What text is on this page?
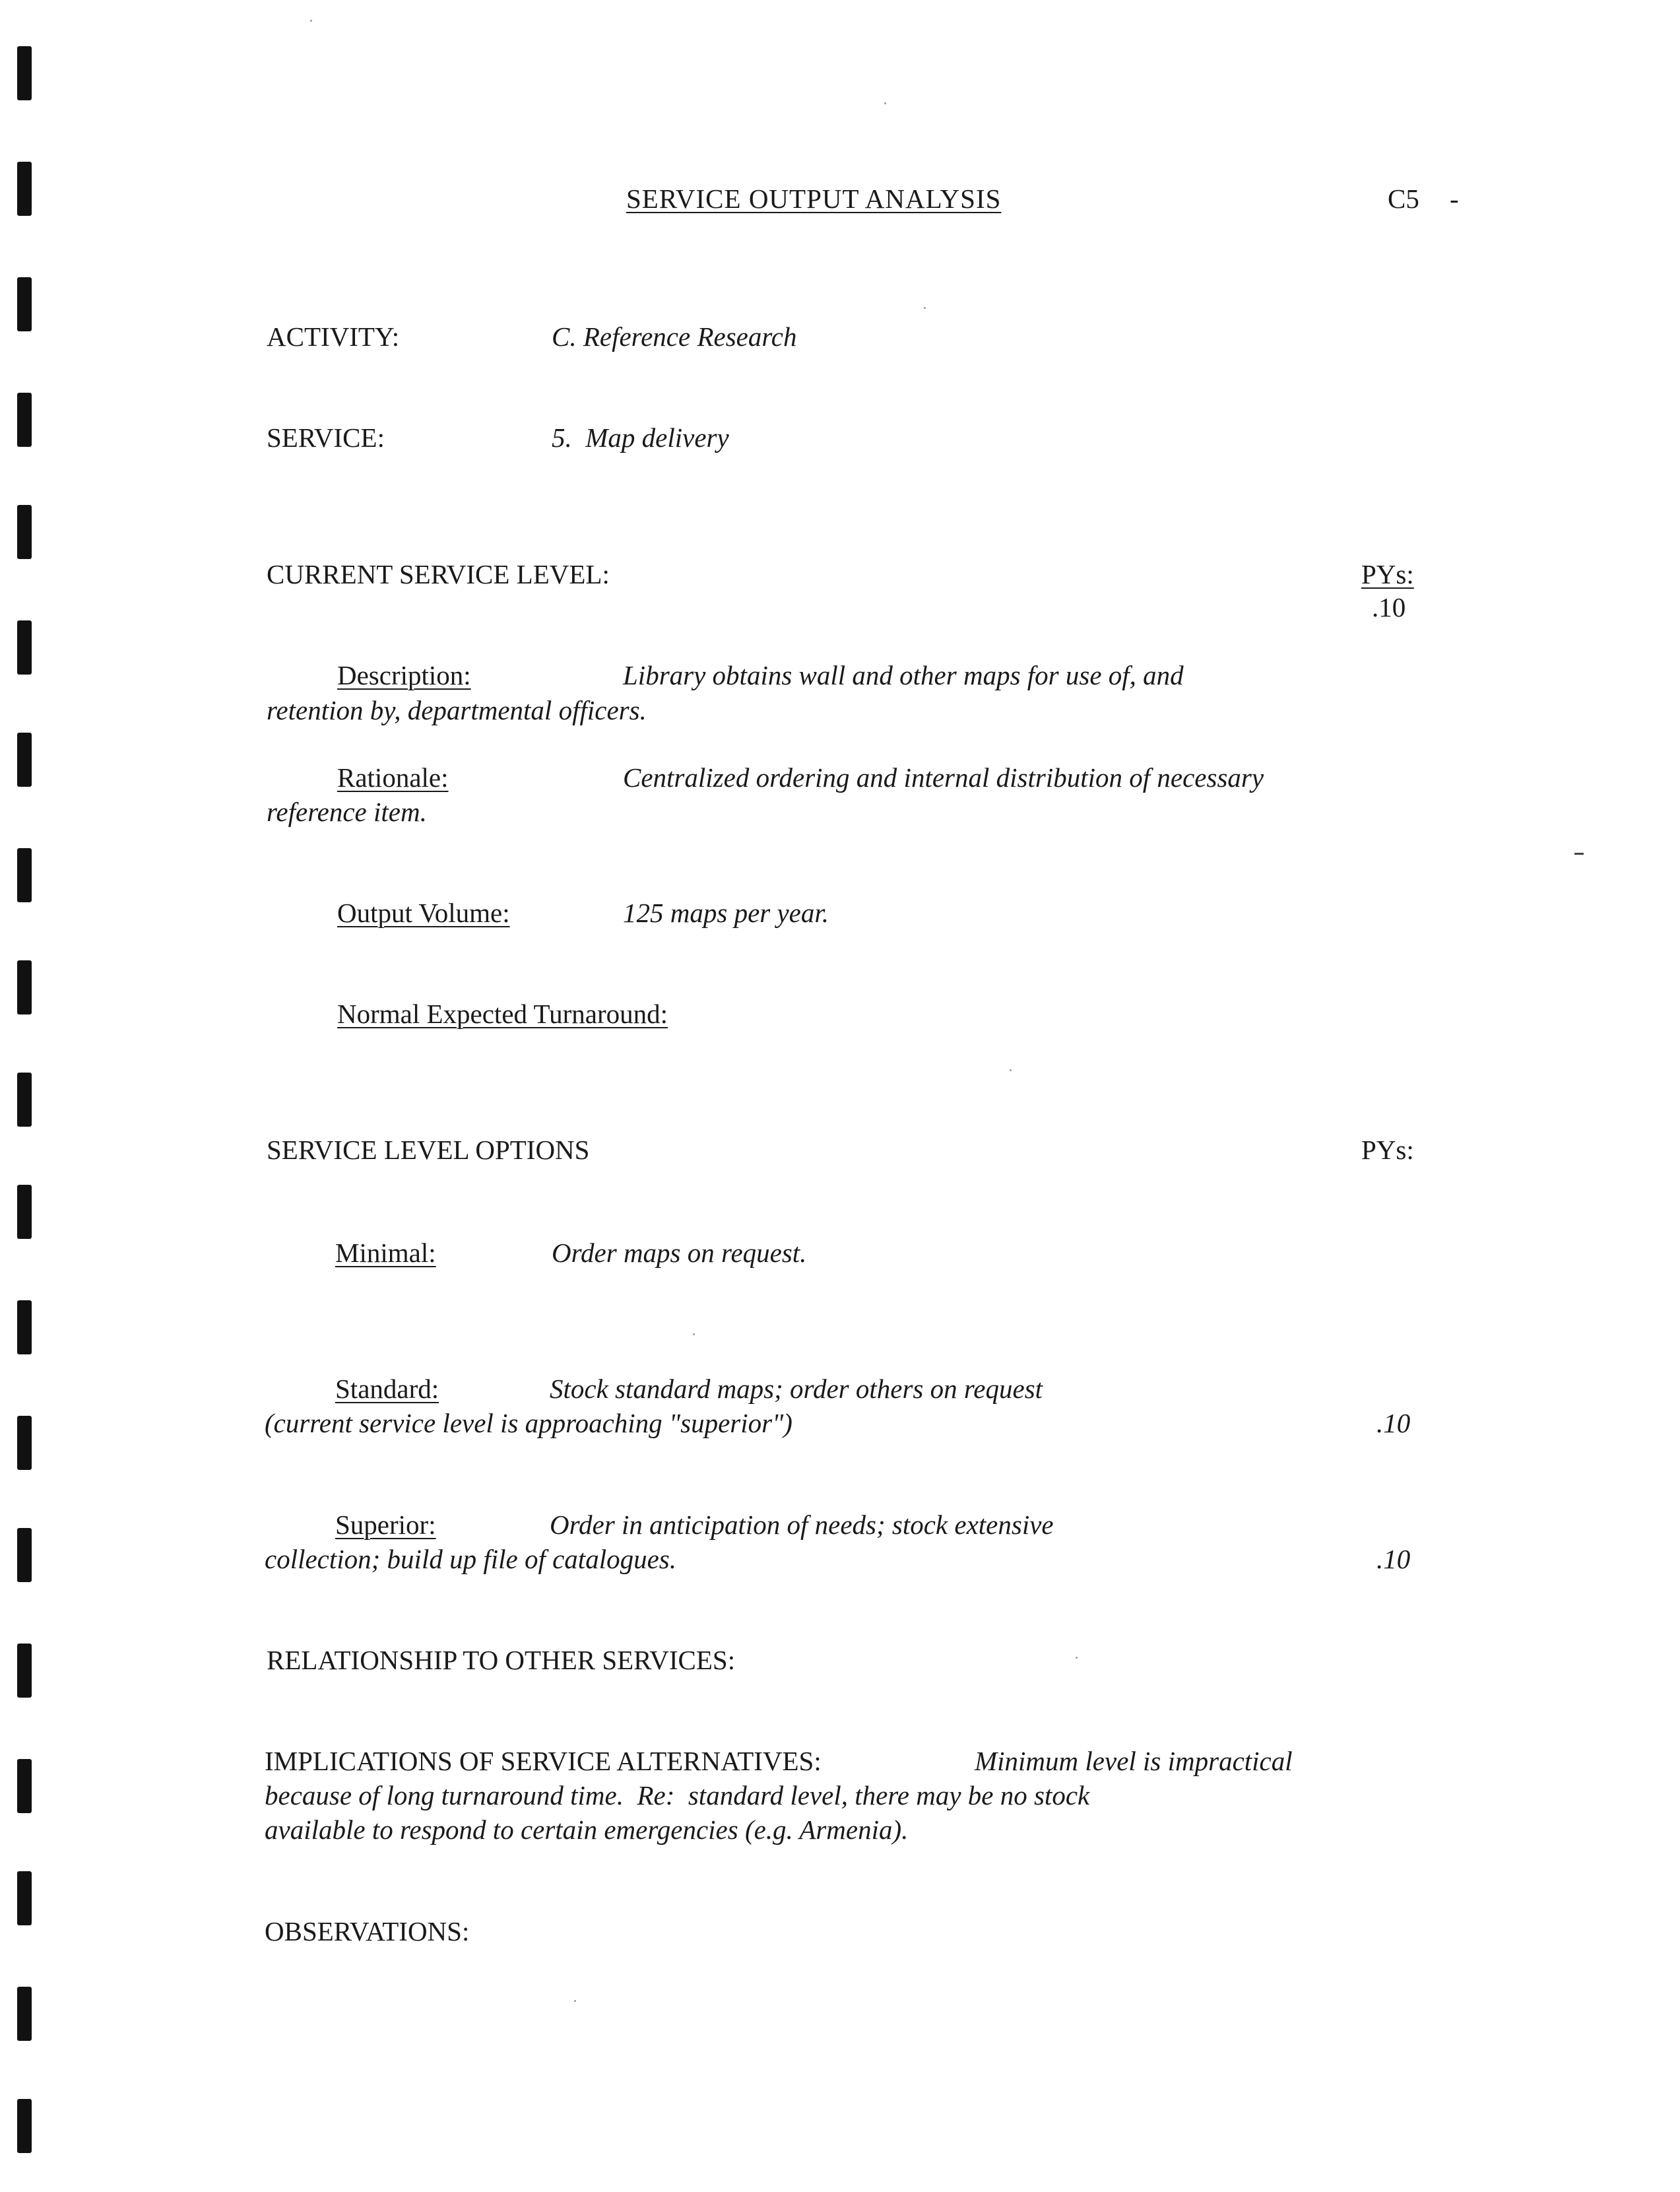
SERVICE OUTPUT ANALYSIS	C5 -
ACTIVITY:	C. Reference Research
SERVICE:	5.  Map delivery
CURRENT SERVICE LEVEL:	PYs:
.10
Description:	Library obtains wall and other maps for use of, and
retention by, departmental officers.
Rationale:	Centralized ordering and internal distribution of necessary
reference item.
Output Volume:	125 maps per year.
Normal Expected Turnaround:
SERVICE LEVEL OPTIONS	PYs:
Minimal:	Order maps on request.
Standard:	Stock standard maps; order others on request
(current service level is approaching "superior")	.10
Superior:	Order in anticipation of needs; stock extensive
collection; build up file of catalogues.	.10
RELATIONSHIP TO OTHER SERVICES:
IMPLICATIONS OF SERVICE ALTERNATIVES:	Minimum level is impractical
because of long turnaround time.  Re:  standard level, there may be no stock
available to respond to certain emergencies (e.g. Armenia).
OBSERVATIONS:
